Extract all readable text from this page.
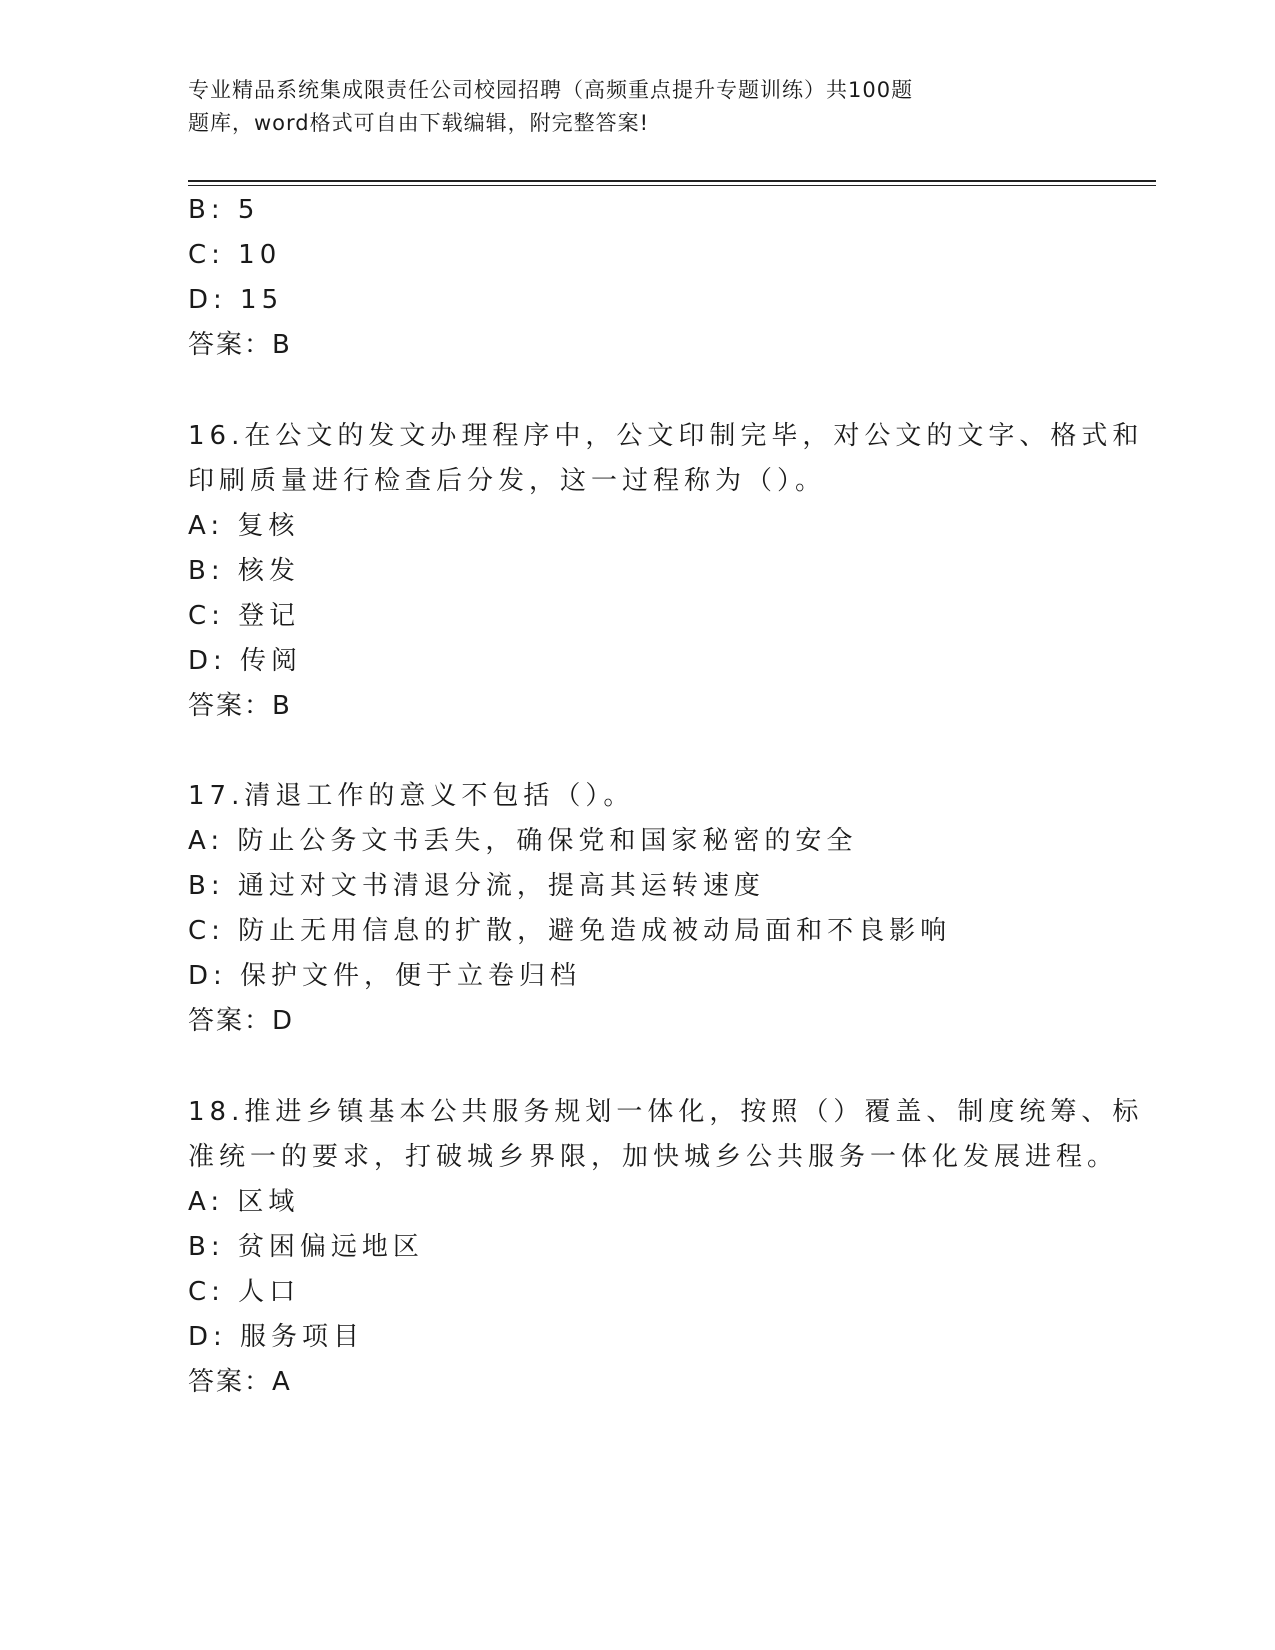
专业精品系统集成限责任公司校园招聘（高频重点提升专题训练）共100题
题库，word格式可自由下载编辑，附完整答案!
B: 5
C: 10
D: 15
答案：B
16.在公文的发文办理程序中，公文印制完毕，对公文的文字、格式和
印刷质量进行检查后分发，这一过程称为（）。
A: 复核
B: 核发
C: 登记
D: 传阅
答案：B
17.清退工作的意义不包括（）。
A: 防止公务文书丢失，确保党和国家秘密的安全
B: 通过对文书清退分流，提高其运转速度
C: 防止无用信息的扩散，避免造成被动局面和不良影响
D: 保护文件，便于立卷归档
答案：D
18.推进乡镇基本公共服务规划一体化，按照（）覆盖、制度统筹、标
准统一的要求，打破城乡界限，加快城乡公共服务一体化发展进程。
A: 区域
B: 贫困偏远地区
C: 人口
D: 服务项目
答案：A
